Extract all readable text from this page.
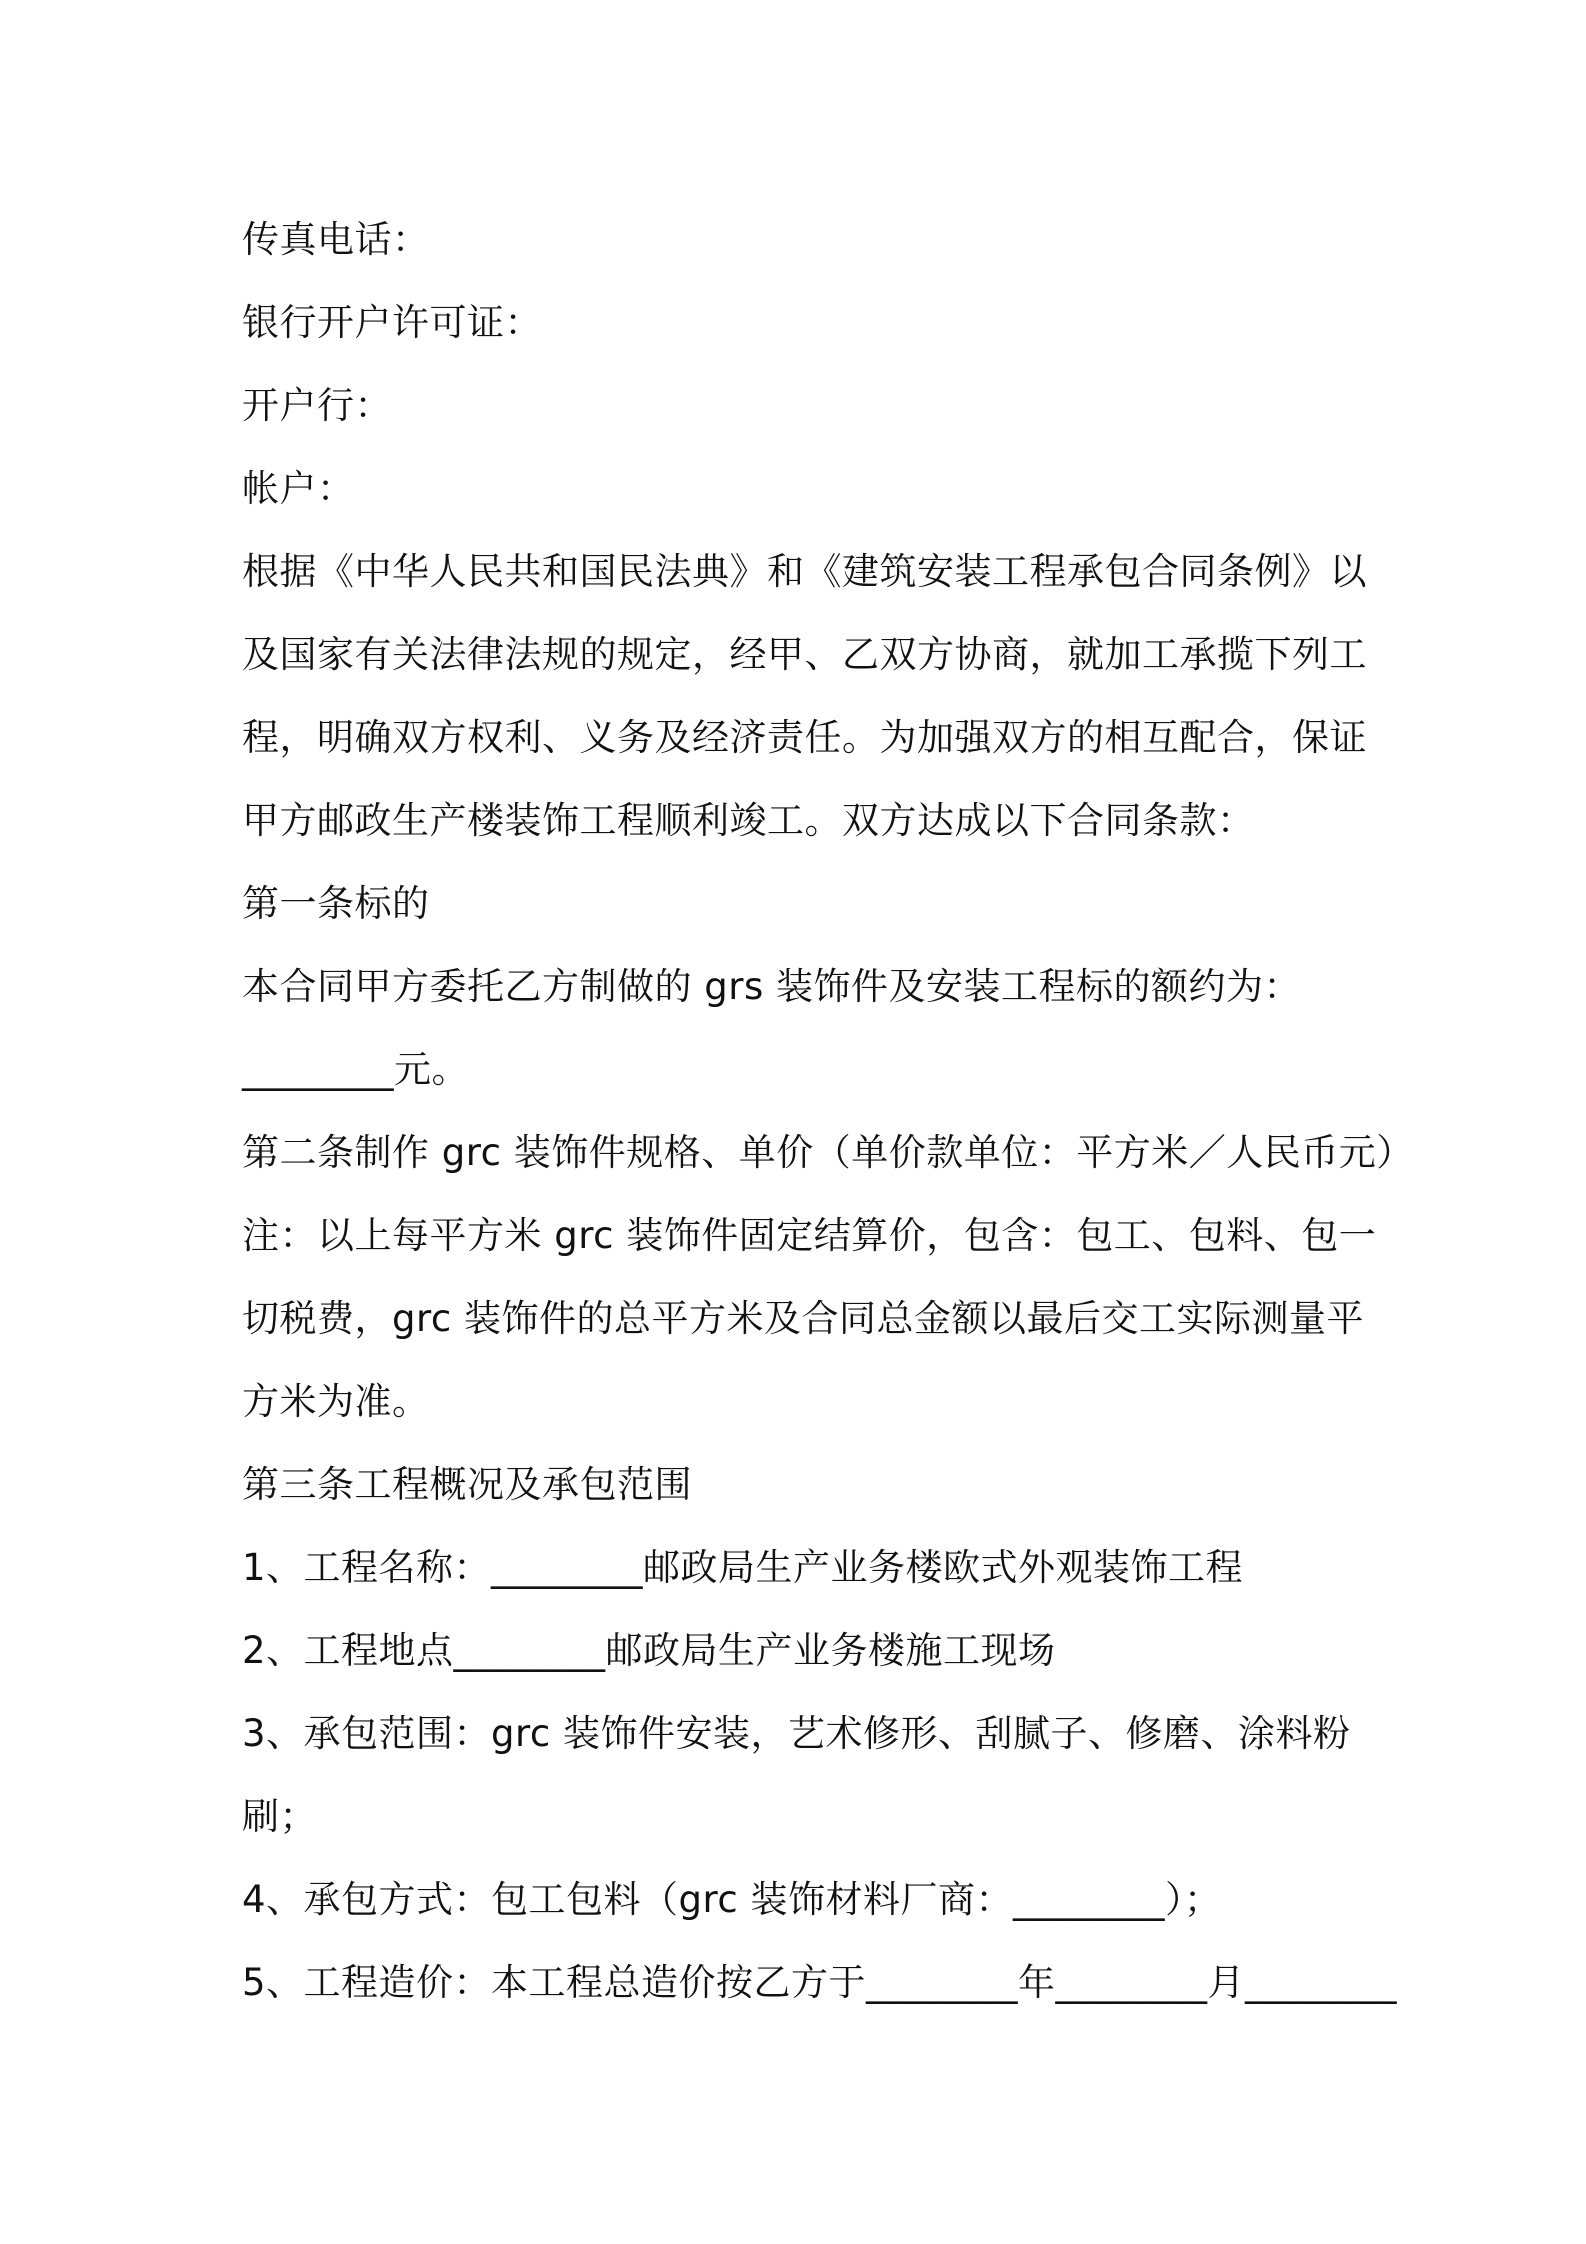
传真电话：
银行开户许可证：
开户行：
帐户：
根据《中华人民共和国民法典》和《建筑安装工程承包合同条例》以
及国家有关法律法规的规定，经甲、乙双方协商，就加工承揽下列工
程，明确双方权利、义务及经济责任。为加强双方的相互配合，保证
甲方邮政生产楼装饰工程顺利竣工。双方达成以下合同条款：
第一条标的
本合同甲方委托乙方制做的 grs 装饰件及安装工程标的额约为：
________元。
第二条制作 grc 装饰件规格、单价（单价款单位：平方米／人民币元）
注：以上每平方米 grc 装饰件固定结算价，包含：包工、包料、包一
切税费，grc 装饰件的总平方米及合同总金额以最后交工实际测量平
方米为准。
第三条工程概况及承包范围
1、工程名称：________邮政局生产业务楼欧式外观装饰工程
2、工程地点________邮政局生产业务楼施工现场
3、承包范围：grc 装饰件安装，艺术修形、刮腻子、修磨、涂料粉
刷；
4、承包方式：包工包料（grc 装饰材料厂商：________）；
5、工程造价：本工程总造价按乙方于________年________月________
